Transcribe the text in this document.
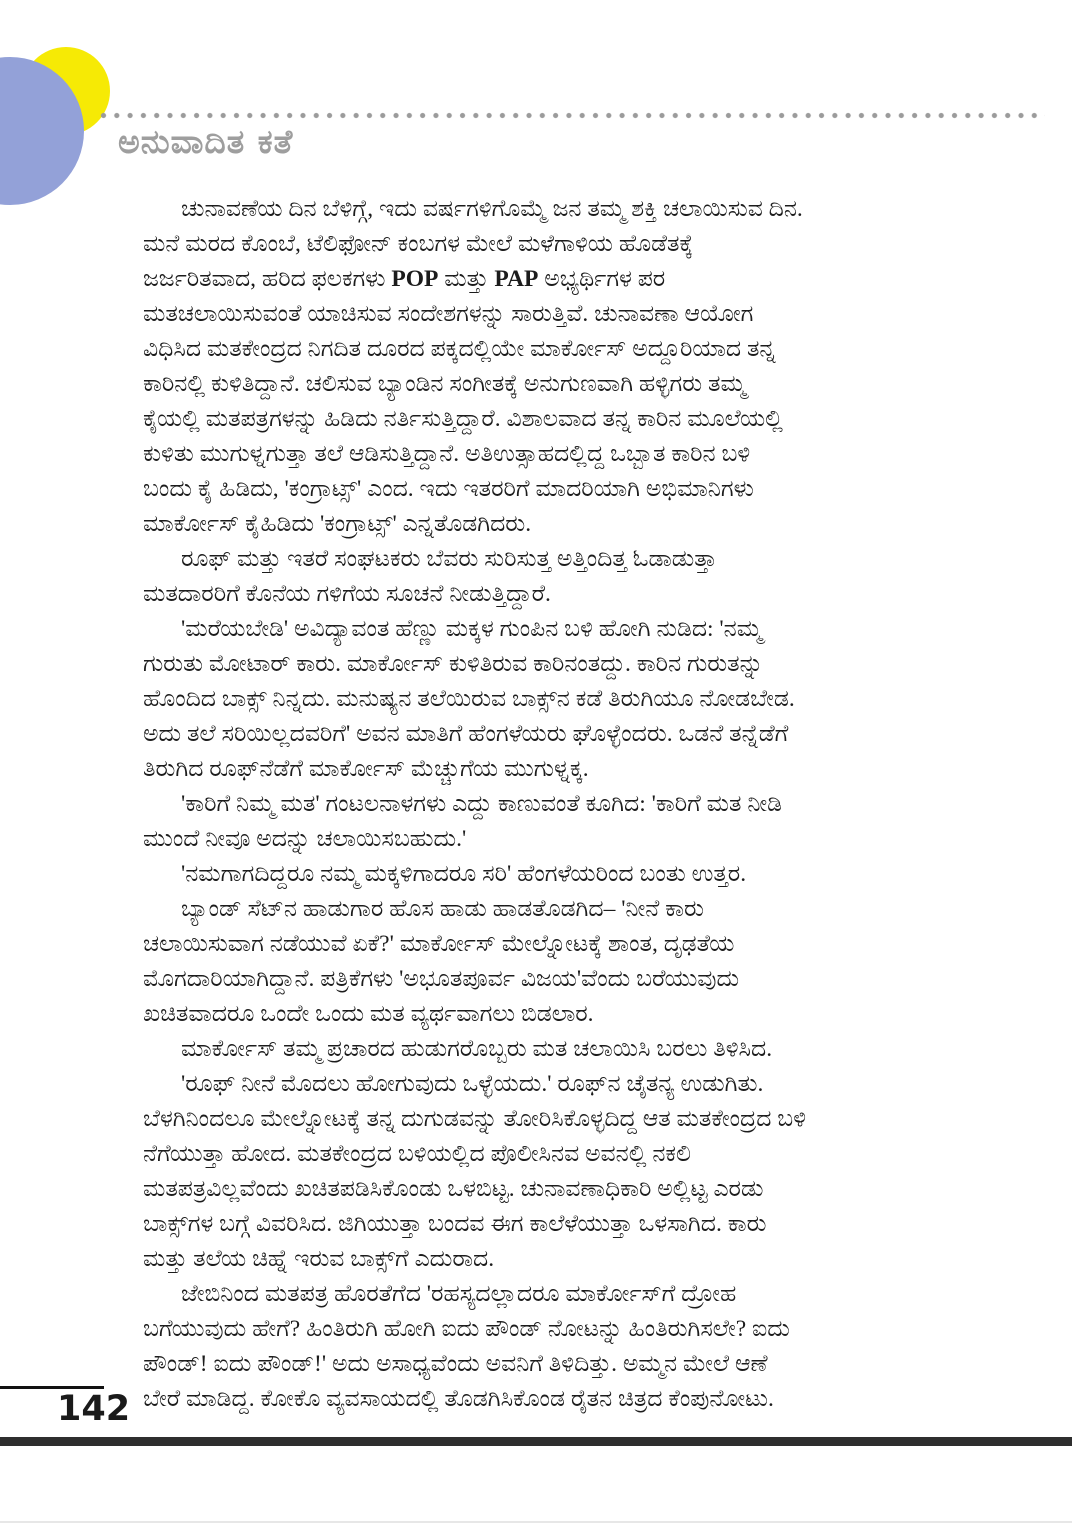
ಅನುವಾದಿತ ಕತೆ
ಚುನಾವಣೆಯ ದಿನ ಬೆಳಿಗ್ಗೆ, ಇದು ವರ್ಷಗಳಿಗೊಮ್ಮೆ ಜನ ತಮ್ಮ ಶಕ್ತಿ ಚಲಾಯಿಸುವ ದಿನ.
ಮನೆ ಮರದ ಕೊಂಬೆ, ಟೆಲಿಫೋನ್ ಕಂಬಗಳ ಮೇಲೆ ಮಳೆಗಾಳಿಯ ಹೊಡೆತಕ್ಕೆ
ಜರ್ಜರಿತವಾದ, ಹರಿದ ಫಲಕಗಳು POP ಮತ್ತು PAP ಅಭ್ಯರ್ಥಿಗಳ ಪರ
ಮತಚಲಾಯಿಸುವಂತೆ ಯಾಚಿಸುವ ಸಂದೇಶಗಳನ್ನು ಸಾರುತ್ತಿವೆ. ಚುನಾವಣಾ ಆಯೋಗ
ವಿಧಿಸಿದ ಮತಕೇಂದ್ರದ ನಿಗದಿತ ದೂರದ ಪಕ್ಕದಲ್ಲಿಯೇ ಮಾರ್ಕೋಸ್ ಅದ್ದೂರಿಯಾದ ತನ್ನ
ಕಾರಿನಲ್ಲಿ ಕುಳಿತಿದ್ದಾನೆ. ಚಲಿಸುವ ಬ್ಯಾಂಡಿನ ಸಂಗೀತಕ್ಕೆ ಅನುಗುಣವಾಗಿ ಹಳ್ಳಿಗರು ತಮ್ಮ
ಕೈಯಲ್ಲಿ ಮತಪತ್ರಗಳನ್ನು ಹಿಡಿದು ನರ್ತಿಸುತ್ತಿದ್ದಾರೆ. ವಿಶಾಲವಾದ ತನ್ನ ಕಾರಿನ ಮೂಲೆಯಲ್ಲಿ
ಕುಳಿತು ಮುಗುಳ್ನಗುತ್ತಾ ತಲೆ ಆಡಿಸುತ್ತಿದ್ದಾನೆ. ಅತಿಉತ್ಸಾಹದಲ್ಲಿದ್ದ ಒಬ್ಬಾತ ಕಾರಿನ ಬಳಿ
ಬಂದು ಕೈ ಹಿಡಿದು, 'ಕಂಗ್ರಾಟ್ಸ್' ಎಂದ. ಇದು ಇತರರಿಗೆ ಮಾದರಿಯಾಗಿ ಅಭಿಮಾನಿಗಳು
ಮಾರ್ಕೋಸ್ ಕೈಹಿಡಿದು 'ಕಂಗ್ರಾಟ್ಸ್' ಎನ್ನತೊಡಗಿದರು.
ರೂಫ್ ಮತ್ತು ಇತರೆ ಸಂಘಟಕರು ಬೆವರು ಸುರಿಸುತ್ತ ಅತ್ತಿಂದಿತ್ತ ಓಡಾಡುತ್ತಾ
ಮತದಾರರಿಗೆ ಕೊನೆಯ ಗಳಿಗೆಯ ಸೂಚನೆ ನೀಡುತ್ತಿದ್ದಾರೆ.
'ಮರೆಯಬೇಡಿ' ಅವಿದ್ಯಾವಂತ ಹೆಣ್ಣು ಮಕ್ಕಳ ಗುಂಪಿನ ಬಳಿ ಹೋಗಿ ನುಡಿದ: 'ನಮ್ಮ
ಗುರುತು ಮೋಟಾರ್ ಕಾರು. ಮಾರ್ಕೋಸ್ ಕುಳಿತಿರುವ ಕಾರಿನಂತದ್ದು. ಕಾರಿನ ಗುರುತನ್ನು
ಹೊಂದಿದ ಬಾಕ್ಸ್ ನಿನ್ನದು. ಮನುಷ್ಯನ ತಲೆಯಿರುವ ಬಾಕ್ಸ್‌ನ ಕಡೆ ತಿರುಗಿಯೂ ನೋಡಬೇಡ.
ಅದು ತಲೆ ಸರಿಯಿಲ್ಲದವರಿಗೆ' ಅವನ ಮಾತಿಗೆ ಹೆಂಗಳೆಯರು ಘೊಳ್ಳೆಂದರು. ಒಡನೆ ತನ್ನೆಡೆಗೆ
ತಿರುಗಿದ ರೂಫ್‌ನೆಡೆಗೆ ಮಾರ್ಕೋಸ್ ಮೆಚ್ಚುಗೆಯ ಮುಗುಳ್ನಕ್ಕ.
'ಕಾರಿಗೆ ನಿಮ್ಮ ಮತ' ಗಂಟಲನಾಳಗಳು ಎದ್ದು ಕಾಣುವಂತೆ ಕೂಗಿದ: 'ಕಾರಿಗೆ ಮತ ನೀಡಿ
ಮುಂದೆ ನೀವೂ ಅದನ್ನು ಚಲಾಯಿಸಬಹುದು.'
'ನಮಗಾಗದಿದ್ದರೂ ನಮ್ಮ ಮಕ್ಕಳಿಗಾದರೂ ಸರಿ' ಹೆಂಗಳೆಯರಿಂದ ಬಂತು ಉತ್ತರ.
ಬ್ಯಾಂಡ್ ಸೆಟ್‌ನ ಹಾಡುಗಾರ ಹೊಸ ಹಾಡು ಹಾಡತೊಡಗಿದ– 'ನೀನೆ ಕಾರು
ಚಲಾಯಿಸುವಾಗ ನಡೆಯುವೆ ಏಕೆ?' ಮಾರ್ಕೋಸ್ ಮೇಲ್ನೋಟಕ್ಕೆ ಶಾಂತ, ದೃಢತೆಯ
ಮೊಗದಾರಿಯಾಗಿದ್ದಾನೆ. ಪತ್ರಿಕೆಗಳು 'ಅಭೂತಪೂರ್ವ ವಿಜಯ'ವೆಂದು ಬರೆಯುವುದು
ಖಚಿತವಾದರೂ ಒಂದೇ ಒಂದು ಮತ ವ್ಯರ್ಥವಾಗಲು ಬಿಡಲಾರ.
ಮಾರ್ಕೋಸ್ ತಮ್ಮ ಪ್ರಚಾರದ ಹುಡುಗರೊಬ್ಬರು ಮತ ಚಲಾಯಿಸಿ ಬರಲು ತಿಳಿಸಿದ.
'ರೂಫ್ ನೀನೆ ಮೊದಲು ಹೋಗುವುದು ಒಳ್ಳೆಯದು.' ರೂಫ್‌ನ ಚೈತನ್ಯ ಉಡುಗಿತು.
ಬೆಳಗಿನಿಂದಲೂ ಮೇಲ್ನೋಟಕ್ಕೆ ತನ್ನ ದುಗುಡವನ್ನು ತೋರಿಸಿಕೊಳ್ಳದಿದ್ದ ಆತ ಮತಕೇಂದ್ರದ ಬಳಿ
ನೆಗೆಯುತ್ತಾ ಹೋದ. ಮತಕೇಂದ್ರದ ಬಳಿಯಲ್ಲಿದ ಪೊಲೀಸಿನವ ಅವನಲ್ಲಿ ನಕಲಿ
ಮತಪತ್ರವಿಲ್ಲವೆಂದು ಖಚಿತಪಡಿಸಿಕೊಂಡು ಒಳಬಿಟ್ಟ. ಚುನಾವಣಾಧಿಕಾರಿ ಅಲ್ಲಿಟ್ಟ ಎರಡು
ಬಾಕ್ಸ್‌ಗಳ ಬಗ್ಗೆ ವಿವರಿಸಿದ. ಜಿಗಿಯುತ್ತಾ ಬಂದವ ಈಗ ಕಾಲೆಳೆಯುತ್ತಾ ಒಳಸಾಗಿದ. ಕಾರು
ಮತ್ತು ತಲೆಯ ಚಿಹ್ನೆ ಇರುವ ಬಾಕ್ಸ್‌ಗೆ ಎದುರಾದ.
ಜೇಬಿನಿಂದ ಮತಪತ್ರ ಹೊರತೆಗೆದ 'ರಹಸ್ಯದಲ್ಲಾದರೂ ಮಾರ್ಕೋಸ್‌ಗೆ ದ್ರೋಹ
ಬಗೆಯುವುದು ಹೇಗೆ? ಹಿಂತಿರುಗಿ ಹೋಗಿ ಐದು ಪೌಂಡ್ ನೋಟನ್ನು ಹಿಂತಿರುಗಿಸಲೇ? ಐದು
ಪೌಂಡ್! ಐದು ಪೌಂಡ್!' ಅದು ಅಸಾಧ್ಯವೆಂದು ಅವನಿಗೆ ತಿಳಿದಿತ್ತು. ಅಮ್ಮನ ಮೇಲೆ ಆಣೆ
ಬೇರೆ ಮಾಡಿದ್ದ. ಕೋಕೊ ವ್ಯವಸಾಯದಲ್ಲಿ ತೊಡಗಿಸಿಕೊಂಡ ರೈತನ ಚಿತ್ರದ ಕೆಂಪುನೋಟು.
142
